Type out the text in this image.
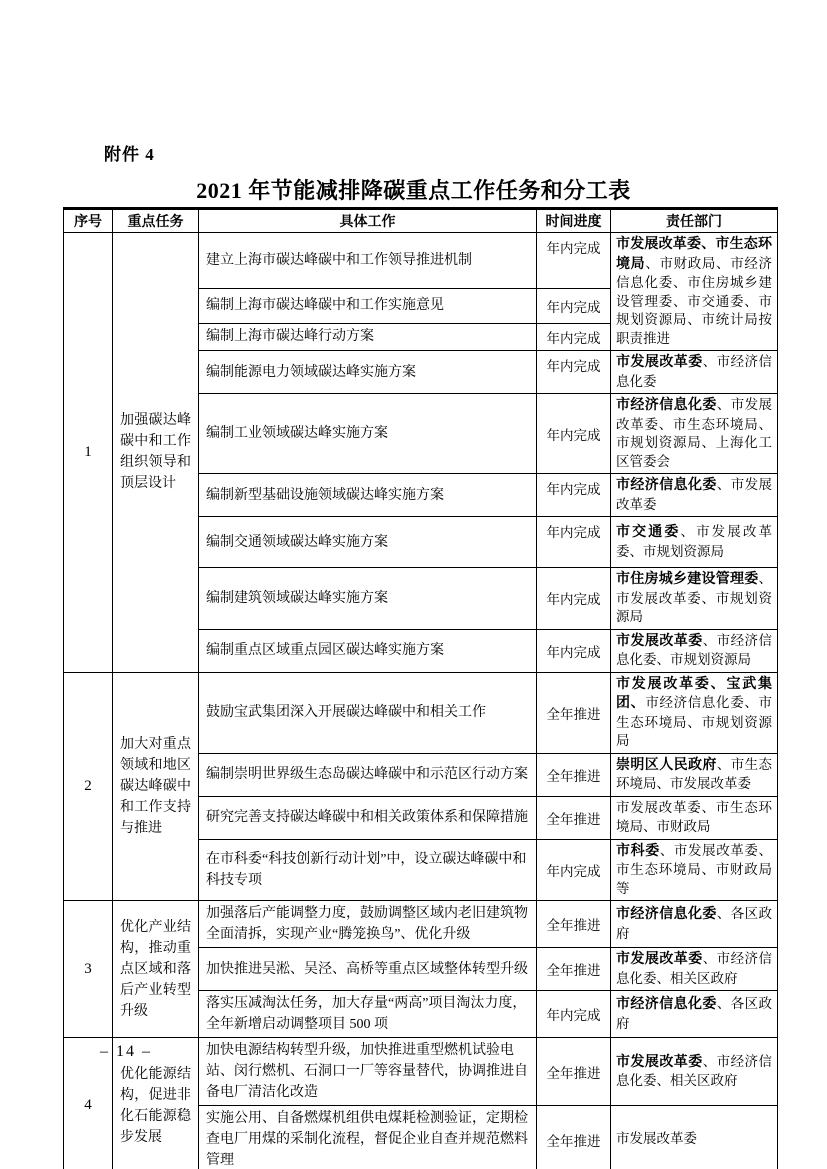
附件 4
2021 年节能减排降碳重点工作任务和分工表
序号	重点任务	具体工作	时间进度	责任部门
1	加强碳达峰碳中和工作组织领导和顶层设计	建立上海市碳达峰碳中和工作领导推进机制	年内完成	市发展改革委、市生态环境局、市财政局、市经济信息化委、市住房城乡建设管理委、市交通委、市规划资源局、市统计局按职责推进
		编制上海市碳达峰碳中和工作实施意见	年内完成	
		编制上海市碳达峰行动方案	年内完成	
		编制能源电力领域碳达峰实施方案	年内完成	市发展改革委、市经济信息化委
		编制工业领域碳达峰实施方案	年内完成	市经济信息化委、市发展改革委、市生态环境局、市规划资源局、上海化工区管委会
		编制新型基础设施领域碳达峰实施方案	年内完成	市经济信息化委、市发展改革委
		编制交通领域碳达峰实施方案	年内完成	市交通委、市发展改革委、市规划资源局
		编制建筑领域碳达峰实施方案	年内完成	市住房城乡建设管理委、市发展改革委、市规划资源局
		编制重点区域重点园区碳达峰实施方案	年内完成	市发展改革委、市经济信息化委、市规划资源局
2	加大对重点领域和地区碳达峰碳中和工作支持与推进	鼓励宝武集团深入开展碳达峰碳中和相关工作	全年推进	市发展改革委、宝武集团、市经济信息化委、市生态环境局、市规划资源局
		编制崇明世界级生态岛碳达峰碳中和示范区行动方案	全年推进	崇明区人民政府、市生态环境局、市发展改革委
		研究完善支持碳达峰碳中和相关政策体系和保障措施	全年推进	市发展改革委、市生态环境局、市财政局
		在市科委“科技创新行动计划”中，设立碳达峰碳中和科技专项	年内完成	市科委、市发展改革委、市生态环境局、市财政局等
3	优化产业结构，推动重点区域和落后产业转型升级	加强落后产能调整力度，鼓励调整区域内老旧建筑物全面清拆，实现产业“腾笼换鸟”、优化升级	全年推进	市经济信息化委、各区政府
		加快推进吴淞、吴泾、高桥等重点区域整体转型升级	全年推进	市发展改革委、市经济信息化委、相关区政府
		落实压减淘汰任务，加大存量“两高”项目淘汰力度，全年新增启动调整项目 500 项	年内完成	市经济信息化委、各区政府
4	优化能源结构，促进非化石能源稳步发展	加快电源结构转型升级，加快推进重型燃机试验电站、闵行燃机、石洞口一厂等容量替代，协调推进自备电厂清洁化改造	全年推进	市发展改革委、市经济信息化委、相关区政府
		实施公用、自备燃煤机组供电煤耗检测验证，定期检查电厂用煤的采制化流程，督促企业自查并规范燃料管理	全年推进	市发展改革委
– 14 –
